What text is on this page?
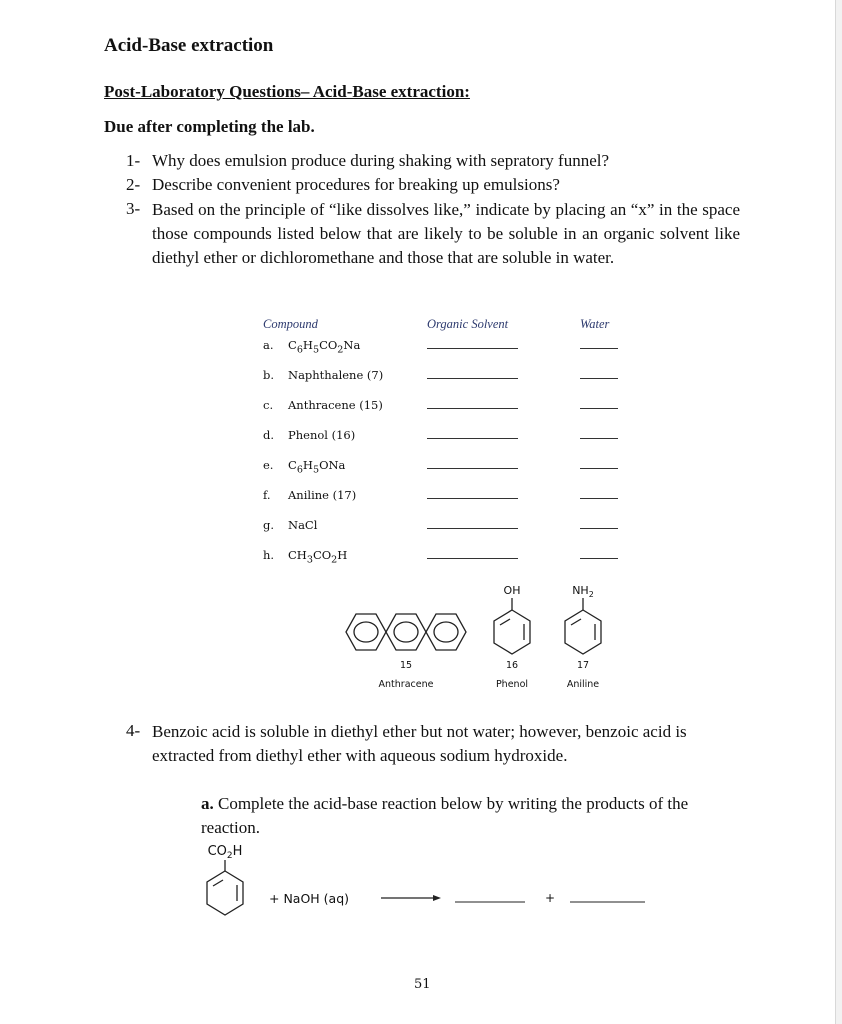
Acid-Base extraction
Post-Laboratory Questions– Acid-Base extraction:
Due after completing the lab.
1- Why does emulsion produce during shaking with sepratory funnel?
2- Describe convenient procedures for breaking up emulsions?
3- Based on the principle of “like dissolves like,” indicate by placing an “x” in the space those compounds listed below that are likely to be soluble in an organic solvent like diethyl ether or dichloromethane and those that are soluble in water.
Compound	Organic Solvent	Water
a. $C_6H_5CO_2Na$
b. Naphthalene (7)
c. Anthracene (15)
d. Phenol (16)
e. $C_6H_5ONa$
f. Aniline (17)
g. NaCl
h. $CH_3CO_2H$
OH	$NH_2$
15	16	17
Anthracene	Phenol	Aniline
4- Benzoic acid is soluble in diethyl ether but not water; however, benzoic acid is extracted from diethyl ether with aqueous sodium hydroxide.
a. Complete the acid-base reaction below by writing the products of the reaction.
$CO_2H$
+ NaOH (aq)	+
51
